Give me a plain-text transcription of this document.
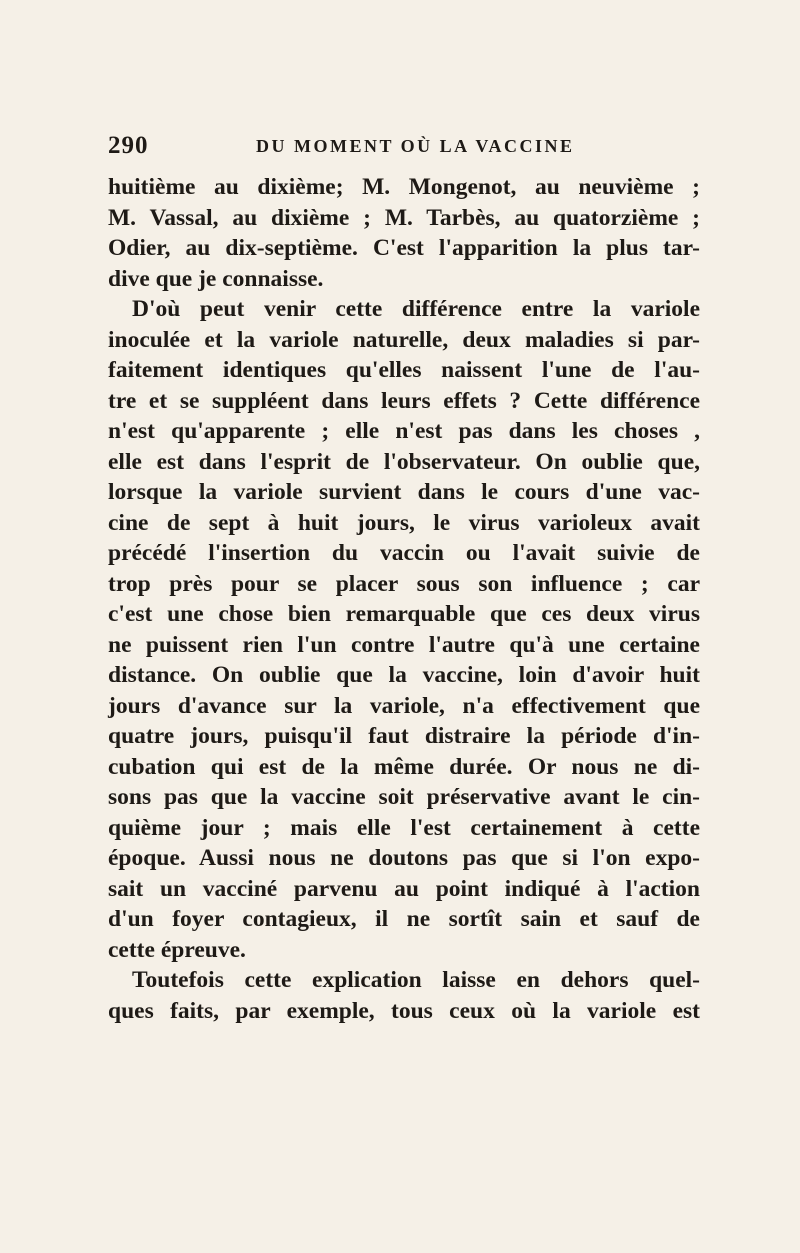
290	DU MOMENT OÙ LA VACCINE
huitième au dixième; M. Mongenot, au neuvième ;
M. Vassal, au dixième ; M. Tarbès, au quatorzième ;
Odier, au dix-septième. C'est l'apparition la plus tar-
dive que je connaisse.
D'où peut venir cette différence entre la variole
inoculée et la variole naturelle, deux maladies si par-
faitement identiques qu'elles naissent l'une de l'au-
tre et se suppléent dans leurs effets ? Cette différence
n'est qu'apparente ; elle n'est pas dans les choses ,
elle est dans l'esprit de l'observateur. On oublie que,
lorsque la variole survient dans le cours d'une vac-
cine de sept à huit jours, le virus varioleux avait
précédé l'insertion du vaccin ou l'avait suivie de
trop près pour se placer sous son influence ; car
c'est une chose bien remarquable que ces deux virus
ne puissent rien l'un contre l'autre qu'à une certaine
distance. On oublie que la vaccine, loin d'avoir huit
jours d'avance sur la variole, n'a effectivement que
quatre jours, puisqu'il faut distraire la période d'in-
cubation qui est de la même durée. Or nous ne di-
sons pas que la vaccine soit préservative avant le cin-
quième jour ; mais elle l'est certainement à cette
époque. Aussi nous ne doutons pas que si l'on expo-
sait un vacciné parvenu au point indiqué à l'action
d'un foyer contagieux, il ne sortît sain et sauf de
cette épreuve.
Toutefois cette explication laisse en dehors quel-
ques faits, par exemple, tous ceux où la variole est
